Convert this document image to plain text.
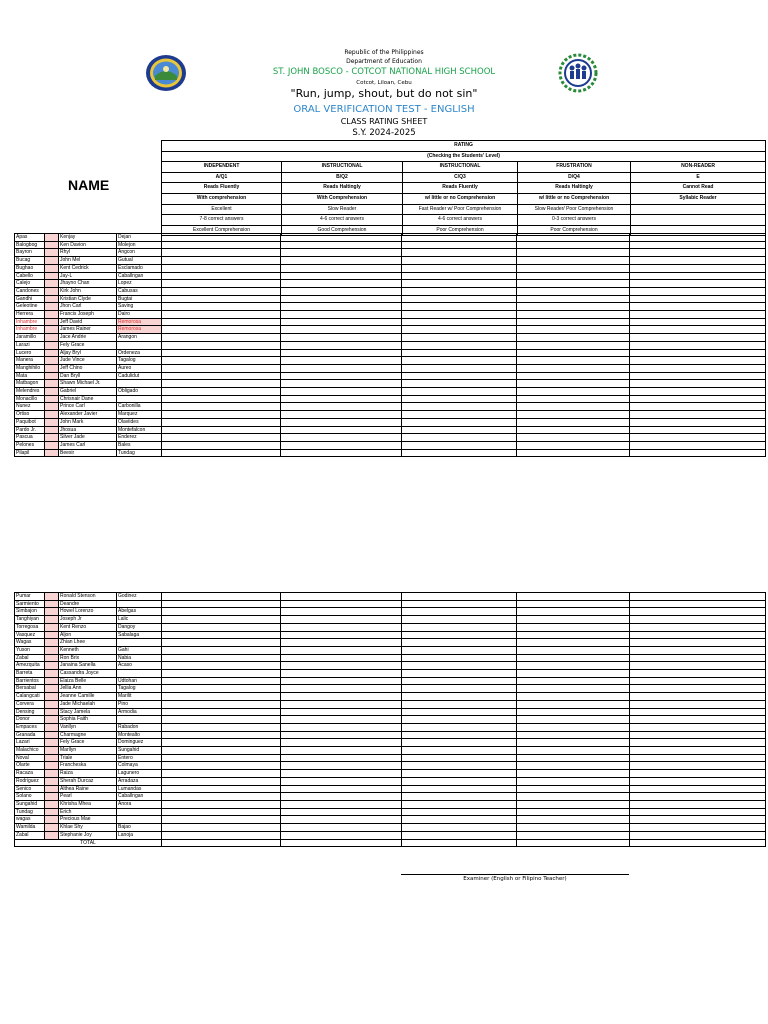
Republic of the Philippines
Department of Education
ST. JOHN BOSCO - COTCOT NATIONAL HIGH SCHOOL
Cotcot, Liloan, Cebu
"Run, jump, shout, but do not sin"
ORAL VERIFICATION TEST - ENGLISH
CLASS RATING SHEET
S.Y. 2024-2025
NAME
RATING				
(Checking the Students' Level)				
INDEPENDENT	INSTRUCTIONAL	INSTRUCTIONAL	FRUSTRATION	NON-READER
A/Q1	B/Q2	C/Q3	D/Q4	E
Reads Fluently	Reads Haltingly	Reads Fluently	Reads Haltingly	Cannot Read
With comprehension	With Comprehension	w/ little or no Comprehension	w/ little or no Comprehension	Syllabic Reader
Excellent	Slow Reader	Fast Reader w/ Poor Comprehension	Slow Reader/ Poor Comprehension	
7-8 correct answers	4-6 correct answers	4-6 correct answers	0-3 correct answers	
Excellent Comprehension	Good Comprehension	Poor Comprehension	Poor Comprehension	
Apas		Kenjay	Dejan					
Balogbog		Ken Davion	Molejon					
Bayron		Rhyl	Angcon					
Bucag		John Mel	Gutual					
Bughao		Kent Cedrick	Esclamado					
Cabello		Jay-L	Caballngan					
Calejo		Jhayno Chan	Lopez					
Candones		Kirk John	Cabusas					
Gandhi		Kristian Clyde	Bugtai					
Geleotine		Jhon Carl	Saving					
Herrera		Francis Joseph	Dairo					
Inhambre		Jeff David	Remorosa					
Inhambre		James Rainer	Remorosa					
Jaramillo		Jace Andrie	Arangon					
Larazi		Fely Grace						
Lucero		Aljay Bryl	Ordeneza					
Manera		Jude Vince	Tagalog					
Manghihilo		Jeff Chino	Aureo					
Mata		Dan Bryll	Cadulidut					
Matbagon		Shawn Michael Jr.						
Melendres		Gabriel	Obligado					
Monacillo		Chrisnair Dane						
Nunez		Prince Carl	Carbonilla					
Ortiso		Alexander Javier	Marquez					
Paquibot		John Mark	Olaviides					
Pardo Jr.		Jhosua	Montefalcon					
Pascua		Silver Jade	Enderez					
Pelones		James Carl	Bales					
Pilapil		Beexir	Tundag					
Pumar		Ronald Stenson	Godinez					
Sarmiento		Deandre						
Simbajon		Howel Lorenzo	Abelgas					
Tanghiyan		Joseph Jr	Lalic					
Torregosa		Kent Renzo	Dangoy					
Vasquez		Aljon	Sabalaga					
Wagas		Zhian Lhee						
Yuson		Kenneth	Gahi					
Zabal		Ron Brix	Nabia					
Amezquita		Janaina Sanella	Acaso					
Barreta		Cassandra Joyce						
Barrientos		Elaiza Belle	Udtohan					
Bersabal		Jellia Ann	Tagalog					
Calangcati		Jeanne Camille	Marilit					
Corvera		Jade Michaelah	Pino					
Densing		Stacy Jamela	Armodia					
Donor		Sophia Faith						
Empaces		Vanllyn	Rabadon					
Granada		Charmagne	Montealto					
Lazari		Fely Grace	Dominguez					
Malachico		Marllyn	Sungahid					
Noval		Triale	Entero					
Olarte		Francheska	Colmaya					
Racaza		Raiza	Lagunero					
Rodriguez		Sherah Durcaz	Arradaza					
Senico		Althea Raine	Lumandas					
Solano		Pearl	Caballngan					
Sungahid		Khrisha Mhea	Anora					
Tundag		Erich						
wagas		Precious Mae						
Wamilda		Khlae Shy	Bajao					
Zabal		Stephanie Joy	Lanoja					
TOTAL								
Examiner (English or Filipino Teacher)
